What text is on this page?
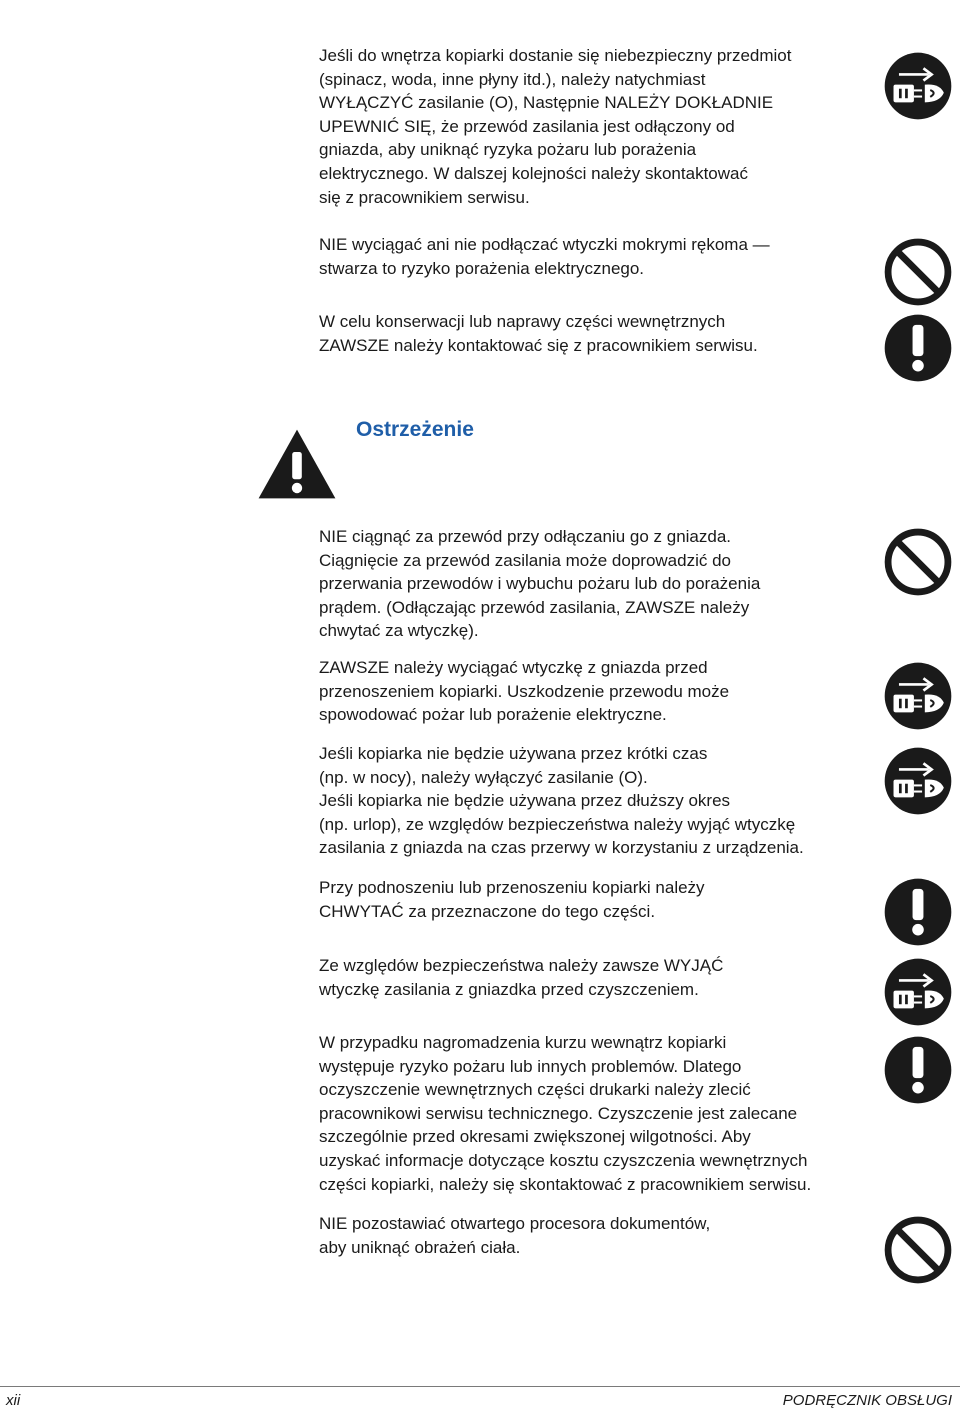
Jeśli do wnętrza kopiarki dostanie się niebezpieczny przedmiot

(spinacz, woda, inne płyny itd.), należy natychmiast

WYŁĄCZYĆ zasilanie (O), Następnie NALEŻY DOKŁADNIE

UPEWNIĆ SIĘ, że przewód zasilania jest odłączony od

gniazda, aby uniknąć ryzyka pożaru lub porażenia

elektrycznego. W dalszej kolejności należy skontaktować

się z pracownikiem serwisu.

NIE wyciągać ani nie podłączać wtyczki mokrymi rękoma —

stwarza to ryzyko porażenia elektrycznego.

W celu konserwacji lub naprawy części wewnętrznych

ZAWSZE należy kontaktować się z pracownikiem serwisu.

Ostrzeżenie

NIE ciągnąć za przewód przy odłączaniu go z gniazda.

Ciągnięcie za przewód zasilania może doprowadzić do

przerwania przewodów i wybuchu pożaru lub do porażenia

prądem. (Odłączając przewód zasilania, ZAWSZE należy

chwytać za wtyczkę).

ZAWSZE należy wyciągać wtyczkę z gniazda przed

przenoszeniem kopiarki. Uszkodzenie przewodu może

spowodować pożar lub porażenie elektryczne.

Jeśli kopiarka nie będzie używana przez krótki czas

(np. w nocy), należy wyłączyć zasilanie (O).

Jeśli kopiarka nie będzie używana przez dłuższy okres

(np. urlop), ze względów bezpieczeństwa należy wyjąć wtyczkę

zasilania z gniazda na czas przerwy w korzystaniu z urządzenia.

Przy podnoszeniu lub przenoszeniu kopiarki należy

CHWYTAĆ za przeznaczone do tego części.

Ze względów bezpieczeństwa należy zawsze WYJĄĆ

wtyczkę zasilania z gniazdka przed czyszczeniem.

W przypadku nagromadzenia kurzu wewnątrz kopiarki

występuje ryzyko pożaru lub innych problemów. Dlatego

oczyszczenie wewnętrznych części drukarki należy zlecić

pracownikowi serwisu technicznego. Czyszczenie jest zalecane

szczególnie przed okresami zwiększonej wilgotności. Aby

uzyskać informacje dotyczące kosztu czyszczenia wewnętrznych

części kopiarki, należy się skontaktować z pracownikiem serwisu.

NIE pozostawiać otwartego procesora dokumentów,

aby uniknąć obrażeń ciała.

xii	PODRĘCZNIK OBSŁUGI
